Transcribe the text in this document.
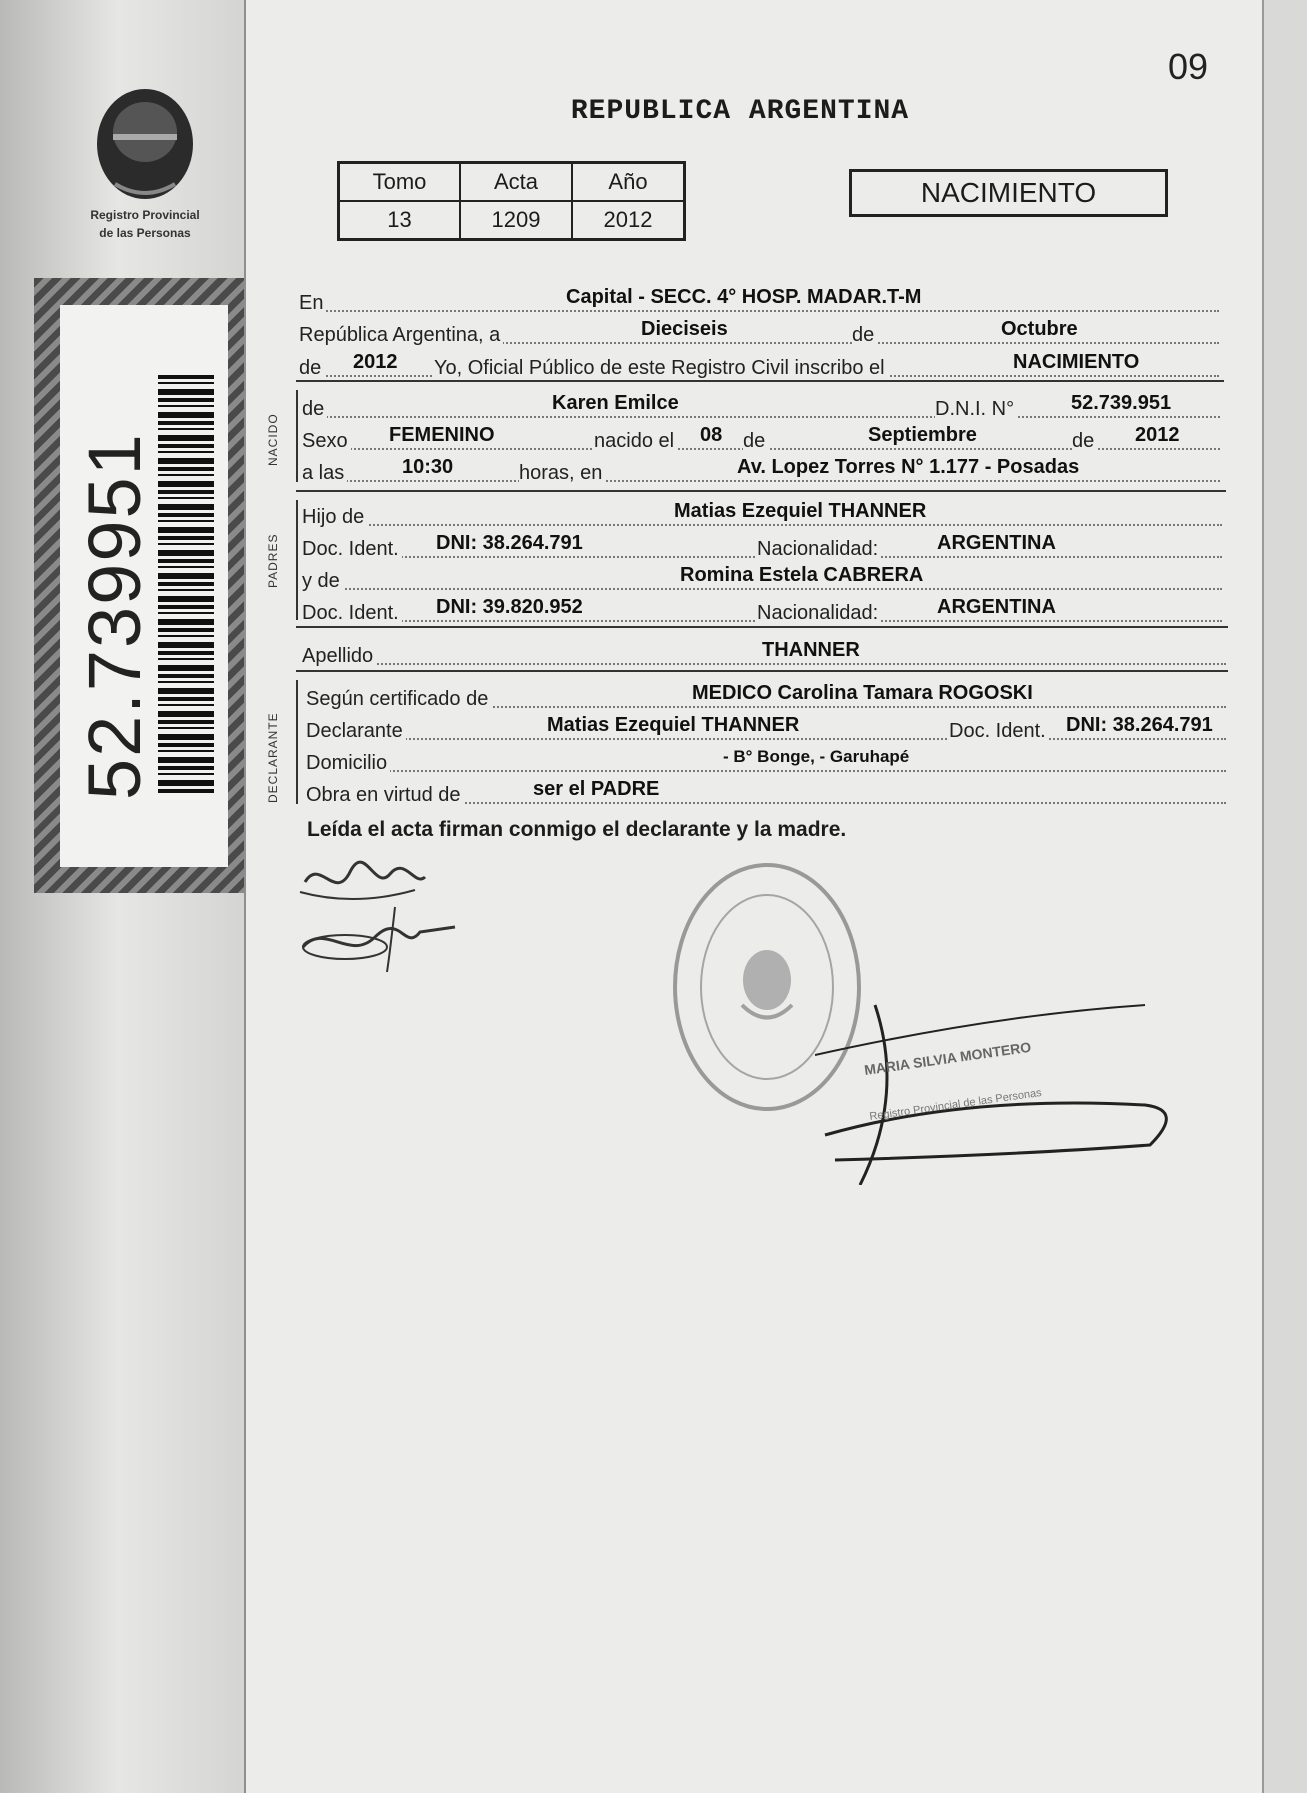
Registro Provincial
de las Personas
52.739951
09
REPUBLICA ARGENTINA
Tomo	Acta	Año
13	1209	2012
NACIMIENTO
En	Capital - SECC. 4° HOSP. MADAR.T-M
República Argentina, a	Dieciseis	de	Octubre
de 2012 Yo, Oficial Público de este Registro Civil inscribo el	NACIMIENTO
NACIDO
de	Karen Emilce	D.N.I. N°	52.739.951
Sexo FEMENINO	nacido el 08 de	Septiembre	de 2012
a las	10:30	horas, en	Av. Lopez Torres N° 1.177 - Posadas
PADRES
Hijo de	Matias Ezequiel THANNER
Doc. Ident. DNI: 38.264.791	Nacionalidad:	ARGENTINA
y de	Romina Estela CABRERA
Doc. Ident. DNI: 39.820.952	Nacionalidad:	ARGENTINA
Apellido	THANNER
DECLARANTE
Según certificado de	MEDICO Carolina Tamara ROGOSKI
Declarante	Matias Ezequiel THANNER	Doc. Ident. DNI: 38.264.791
Domicilio	- B° Bonge, - Garuhapé
Obra en virtud de	ser el PADRE
Leída el acta firman conmigo el declarante y la madre.
MARIA SILVIA MONTERO
Registro Provincial de las Personas
